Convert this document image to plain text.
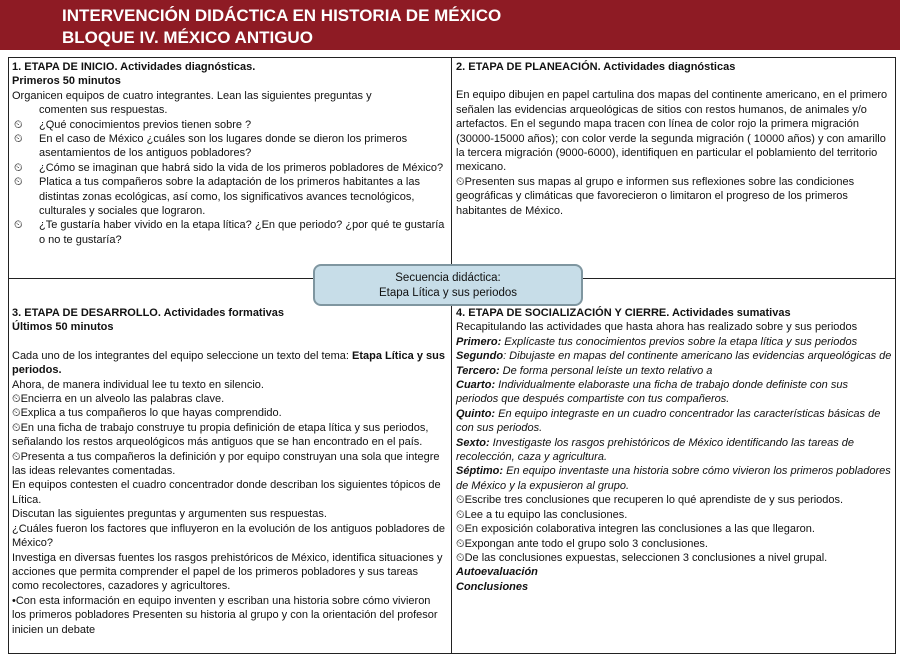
INTERVENCIÓN DIDÁCTICA EN HISTORIA DE MÉXICO
BLOQUE IV. MÉXICO ANTIGUO
1. ETAPA DE INICIO. Actividades diagnósticas.
Primeros 50 minutos
Organicen equipos de cuatro integrantes. Lean las siguientes preguntas y
comenten sus respuestas.
⏲ ¿Qué conocimientos previos tienen sobre ?
⏲ En el caso de México ¿cuáles son los lugares donde se dieron los primeros asentamientos de los antiguos pobladores?
⏲ ¿Cómo se imaginan que habrá sido la vida de los primeros pobladores de México?
⏲ Platica a tus compañeros sobre la adaptación de los primeros habitantes a las distintas zonas ecológicas, así como, los significativos avances tecnológicos, culturales y sociales que lograron.
⏲ ¿Te gustaría haber vivido en la etapa lítica? ¿En que periodo? ¿por qué te gustaría o no te gustaría?
2. ETAPA DE PLANEACIÓN. Actividades diagnósticas
En equipo dibujen en papel cartulina dos mapas del continente americano, en el primero señalen las evidencias arqueológicas de sitios con restos humanos, de animales y/o artefactos. En el segundo mapa tracen con línea de color rojo la primera migración (30000-15000 años); con color verde la segunda migración ( 10000 años) y con amarillo la tercera migración (9000-6000), identifiquen en particular el poblamiento del territorio mexicano.
⏲Presenten sus mapas al grupo e informen sus reflexiones sobre las condiciones geográficas y climáticas que favorecieron o limitaron el progreso de los primeros habitantes de México.
3. ETAPA DE DESARROLLO. Actividades formativas
Últimos 50 minutos
Cada uno de los integrantes del equipo seleccione un texto del tema: Etapa Lítica y sus periodos.
Ahora, de manera individual lee tu texto en silencio.
⏲Encierra en un alveolo las palabras clave.
⏲Explica a tus compañeros lo que hayas comprendido.
⏲En una ficha de trabajo construye tu propia definición de etapa lítica y sus periodos, señalando los restos arqueológicos más antiguos que se han encontrado en el país.
⏲Presenta a tus compañeros la definición y por equipo construyan una sola que integre las ideas relevantes comentadas.
En equipos contesten el cuadro concentrador donde describan los siguientes tópicos de Lítica.
Discutan las siguientes preguntas y argumenten sus respuestas.
¿Cuáles fueron los factores que influyeron en la evolución de los antiguos pobladores de México?
Investiga en diversas fuentes los rasgos prehistóricos de México, identifica situaciones y acciones que permita comprender el papel de los primeros pobladores y sus tareas como recolectores, cazadores y agricultores.
•Con esta información en equipo inventen y escriban una historia sobre cómo vivieron los primeros pobladores Presenten su historia al grupo y con la orientación del profesor inicien un debate
4. ETAPA DE SOCIALIZACIÓN Y CIERRE. Actividades sumativas
Recapitulando las actividades que hasta ahora has realizado sobre y sus periodos
Primero: Explícaste tus conocimientos previos sobre la etapa lítica y sus periodos
Segundo: Dibujaste en mapas del continente americano las evidencias arqueológicas de
Tercero: De forma personal leíste un texto relativo a
Cuarto: Individualmente elaboraste una ficha de trabajo donde definiste con sus periodos que después compartiste con tus compañeros.
Quinto: En equipo integraste en un cuadro concentrador las características básicas de con sus periodos.
Sexto: Investigaste los rasgos prehistóricos de México identificando las tareas de recolección, caza y agricultura.
Séptimo: En equipo inventaste una historia sobre cómo vivieron los primeros pobladores de México y la expusieron al grupo.
⏲Escribe tres conclusiones que recuperen lo qué aprendiste de y sus periodos.
⏲Lee a tu equipo las conclusiones.
⏲En exposición colaborativa integren las conclusiones a las que llegaron.
⏲Expongan ante todo el grupo solo 3 conclusiones.
⏲De las conclusiones expuestas, seleccionen 3 conclusiones a nivel grupal.
Autoevaluación
Conclusiones
Secuencia didáctica:
Etapa Lítica y sus periodos
